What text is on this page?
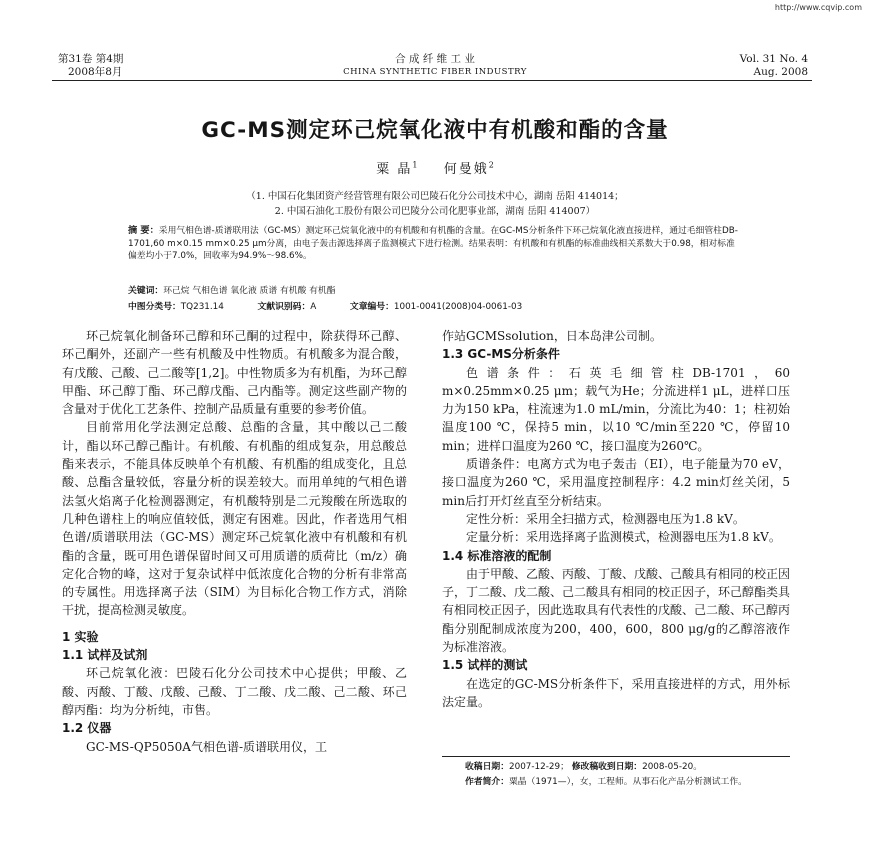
http://www.cqvip.com
第31卷 第4期
2008年8月
合 成 纤 维 工 业
CHINA SYNTHETIC FIBER INDUSTRY
Vol. 31 No. 4
Aug. 2008
GC-MS测定环己烷氧化液中有机酸和酯的含量
粟 晶$^1$ 何曼娥$^2$
（1. 中国石化集团资产经营管理有限公司巴陵石化分公司技术中心，湖南 岳阳 414014；
2. 中国石油化工股份有限公司巴陵分公司化肥事业部，湖南 岳阳 414007）
摘 要：采用气相色谱-质谱联用法（GC-MS）测定环己烷氧化液中的有机酸和有机酯的含量。在GC-MS分析条件下环己烷氧化液直接进样，通过毛细管柱DB-1701,60 m×0.15 mm×0.25 μm分离，由电子轰击源选择离子监测模式下进行检测。结果表明：有机酸和有机酯的标准曲线相关系数大于0.98，相对标准偏差均小于7.0%，回收率为94.9%～98.6%。
关键词：环己烷 气相色谱 氧化液 质谱 有机酸 有机酯
中图分类号：TQ231.14	文献识别码：A	文章编号：1001-0041(2008)04-0061-03

环己烷氧化制备环己醇和环己酮的过程中，除获得环己醇、环己酮外，还副产一些有机酸及中性物质。有机酸多为混合酸，有戊酸、己酸、己二酸等[1,2]。中性物质多为有机酯，为环己醇甲酯、环己醇丁酯、环己醇戊酯、己内酯等。测定这些副产物的含量对于优化工艺条件、控制产品质量有重要的参考价值。

目前常用化学法测定总酸、总酯的含量，其中酸以己二酸计，酯以环己醇己酯计。有机酸、有机酯的组成复杂，用总酸总酯来表示，不能具体反映单个有机酸、有机酯的组成变化，且总酸、总酯含量较低，容量分析的误差较大。而用单纯的气相色谱法氢火焰离子化检测器测定，有机酸特别是二元羧酸在所选取的几种色谱柱上的响应值较低，测定有困难。因此，作者选用气相色谱/质谱联用法（GC-MS）测定环己烷氧化液中有机酸和有机酯的含量，既可用色谱保留时间又可用质谱的质荷比（m/z）确定化合物的峰，这对于复杂试样中低浓度化合物的分析有非常高的专属性。用选择离子法（SIM）为目标化合物工作方式，消除干扰，提高检测灵敏度。

1 实验

1.1 试样及试剂

环己烷氧化液：巴陵石化分公司技术中心提供；甲酸、乙酸、丙酸、丁酸、戊酸、己酸、丁二酸、戊二酸、己二酸、环己醇丙酯：均为分析纯，市售。

1.2 仪器

GC-MS-QP5050A气相色谱-质谱联用仪，工

作站GCMSsolution，日本岛津公司制。

1.3 GC-MS分析条件

色谱条件：石英毛细管柱DB-1701，60 m×0.25mm×0.25 μm；载气为He；分流进样1 μL，进样口压力为150 kPa，柱流速为1.0 mL/min，分流比为40：1；柱初始温度100 ℃，保持5 min，以10 ℃/min至220 ℃，停留10 min；进样口温度为260 ℃，接口温度为260℃。

质谱条件：电离方式为电子轰击（EI），电子能量为70 eV，接口温度为260 ℃，采用温度控制程序：4.2 min灯丝关闭，5 min后打开灯丝直至分析结束。

定性分析：采用全扫描方式，检测器电压为1.8 kV。

定量分析：采用选择离子监测模式，检测器电压为1.8 kV。

1.4 标准溶液的配制

由于甲酸、乙酸、丙酸、丁酸、戊酸、己酸具有相同的校正因子，丁二酸、戊二酸、己二酸具有相同的校正因子，环己醇酯类具有相同校正因子，因此选取具有代表性的戊酸、己二酸、环己醇丙酯分别配制成浓度为200，400，600，800 μg/g的乙醇溶液作为标准溶液。

1.5 试样的测试

在选定的GC-MS分析条件下，采用直接进样的方式，用外标法定量。

收稿日期：2007-12-29； 修改稿收到日期：2008-05-20。
作者简介：粟晶（1971—），女，工程师。从事石化产品分析测试工作。
